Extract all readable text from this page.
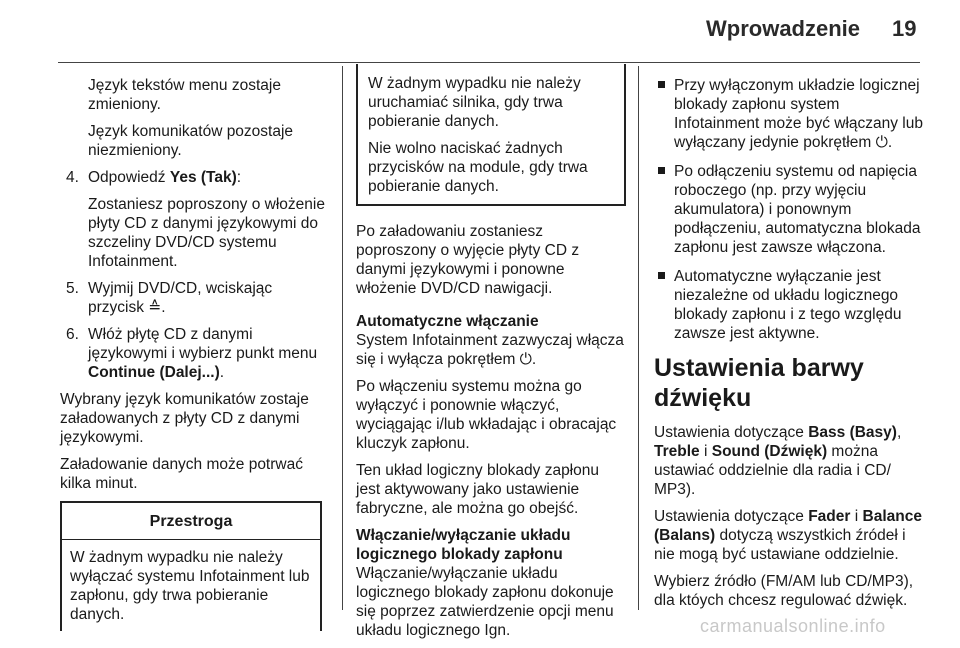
Wprowadzenie 19

Język tekstów menu zostaje zmieniony.

Język komunikatów pozostaje niezmieniony.

4. Odpowiedź Yes (Tak):
Zostaniesz poproszony o włożenie płyty CD z danymi językowymi do szczeliny DVD/CD systemu Infotainment.
5. Wyjmij DVD/CD, wciskając przycisk ≙.
6. Włóż płytę CD z danymi językowymi i wybierz punkt menu Continue (Dalej...).

Wybrany język komunikatów zostaje załadowanych z płyty CD z danymi językowymi.

Załadowanie danych może potrwać kilka minut.

Przestroga
W żadnym wypadku nie należy wyłączać systemu Infotainment lub zapłonu, gdy trwa pobieranie danych.

W żadnym wypadku nie należy uruchamiać silnika, gdy trwa pobieranie danych.

Nie wolno naciskać żadnych przycisków na module, gdy trwa pobieranie danych.

Po załadowaniu zostaniesz poproszony o wyjęcie płyty CD z danymi językowymi i ponowne włożenie DVD/CD nawigacji.

Automatyczne włączanie

System Infotainment zazwyczaj włącza się i wyłącza pokrętłem ⏻.

Po włączeniu systemu można go wyłączyć i ponownie włączyć, wyciągając i/lub wkładając i obracając kluczyk zapłonu.

Ten układ logiczny blokady zapłonu jest aktywowany jako ustawienie fabryczne, ale można go obejść.

Włączanie/wyłączanie układu logicznego blokady zapłonu

Włączanie/wyłączanie układu logicznego blokady zapłonu dokonuje się poprzez zatwierdzenie opcji menu układu logicznego Ign.

Przy wyłączonym układzie logicznej blokady zapłonu system Infotainment może być włączany lub wyłączany jedynie pokrętłem ⏻.
Po odłączeniu systemu od napięcia roboczego (np. przy wyjęciu akumulatora) i ponownym podłączeniu, automatyczna blokada zapłonu jest zawsze włączona.
Automatyczne wyłączanie jest niezależne od układu logicznego blokady zapłonu i z tego względu zawsze jest aktywne.
Ustawienia barwy dźwięku

Ustawienia dotyczące Bass (Basy), Treble i Sound (Dźwięk) można ustawiać oddzielnie dla radia i CD/ MP3).

Ustawienia dotyczące Fader i Balance (Balans) dotyczą wszystkich źródeł i nie mogą być ustawiane oddzielnie.

Wybierz źródło (FM/AM lub CD/MP3), dla któych chcesz regulować dźwięk.

carmanualsonline.info
